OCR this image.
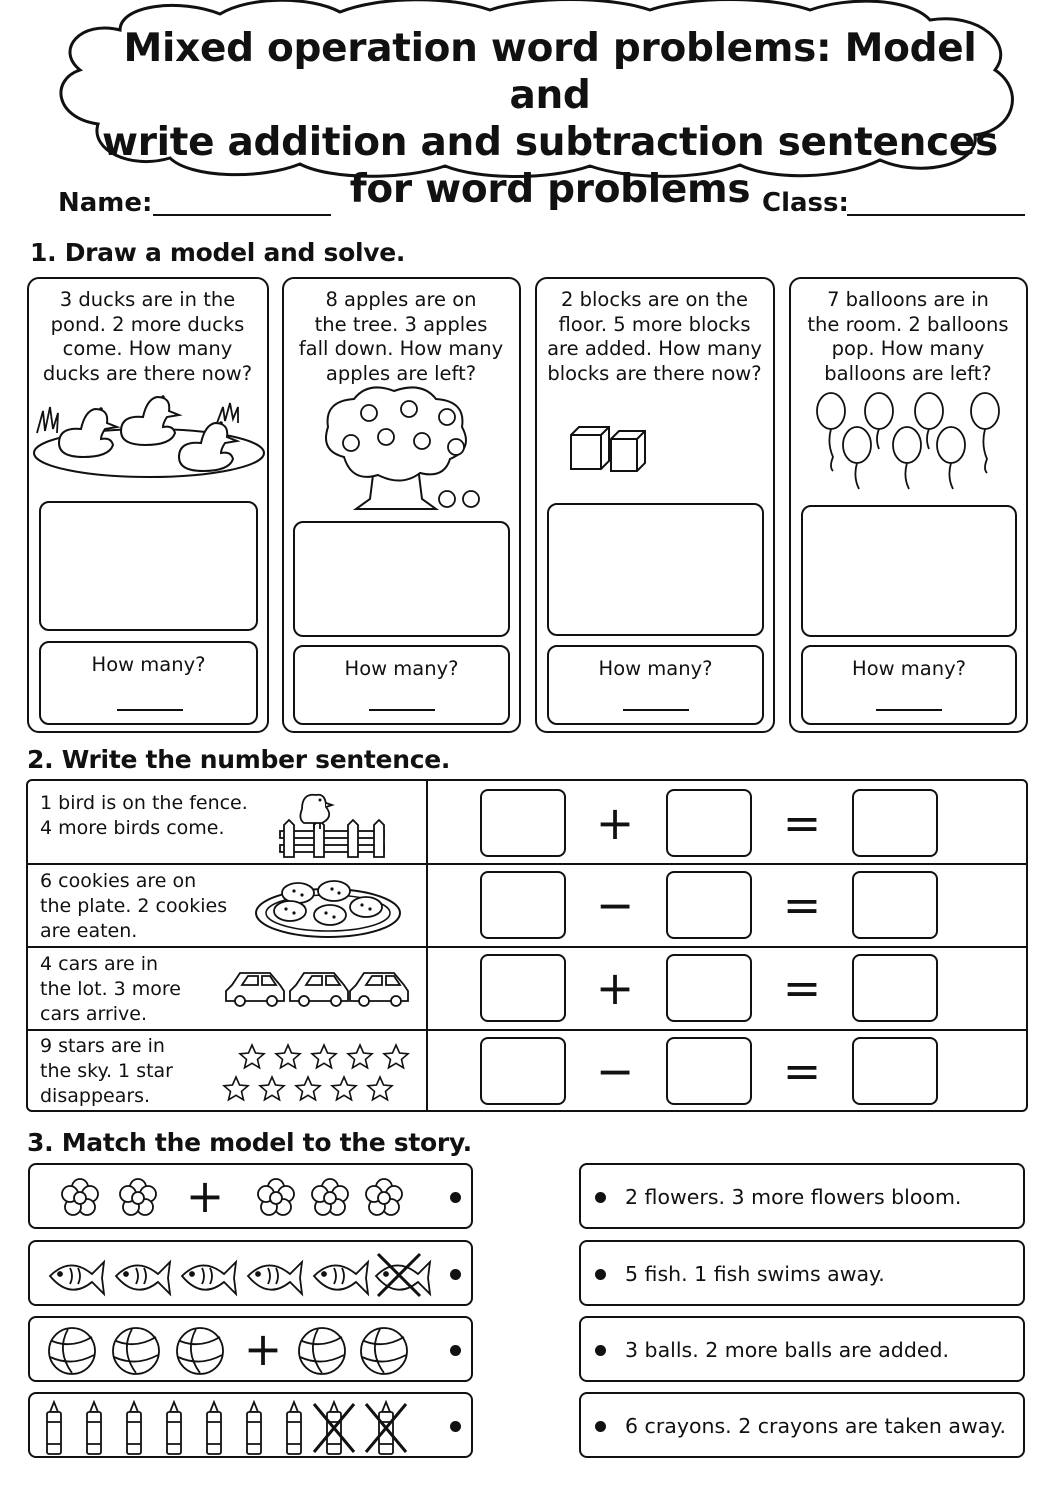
Mixed operation word problems: Model and
write addition and subtraction sentences
for word problems
Name:	Class:
1. Draw a model and solve.
3 ducks are in the
pond. 2 more ducks
come. How many
ducks are there now?
How many?
8 apples are on
the tree. 3 apples
fall down. How many
apples are left?
How many?
2 blocks are on the
floor. 5 more blocks
are added. How many
blocks are there now?
How many?
7 balloons are in
the room. 2 balloons
pop. How many
balloons are left?
How many?
2. Write the number sentence.
1 bird is on the fence.
4 more birds come.	+	=
6 cookies are on
the plate. 2 cookies
are eaten.	−	=
4 cars are in
the lot. 3 more
cars arrive.	+	=
9 stars are in
the sky. 1 star
disappears.	−	=
3. Match the model to the story.
+
+
2 flowers. 3 more flowers bloom.
5 fish. 1 fish swims away.
3 balls. 2 more balls are added.
6 crayons. 2 crayons are taken away.
